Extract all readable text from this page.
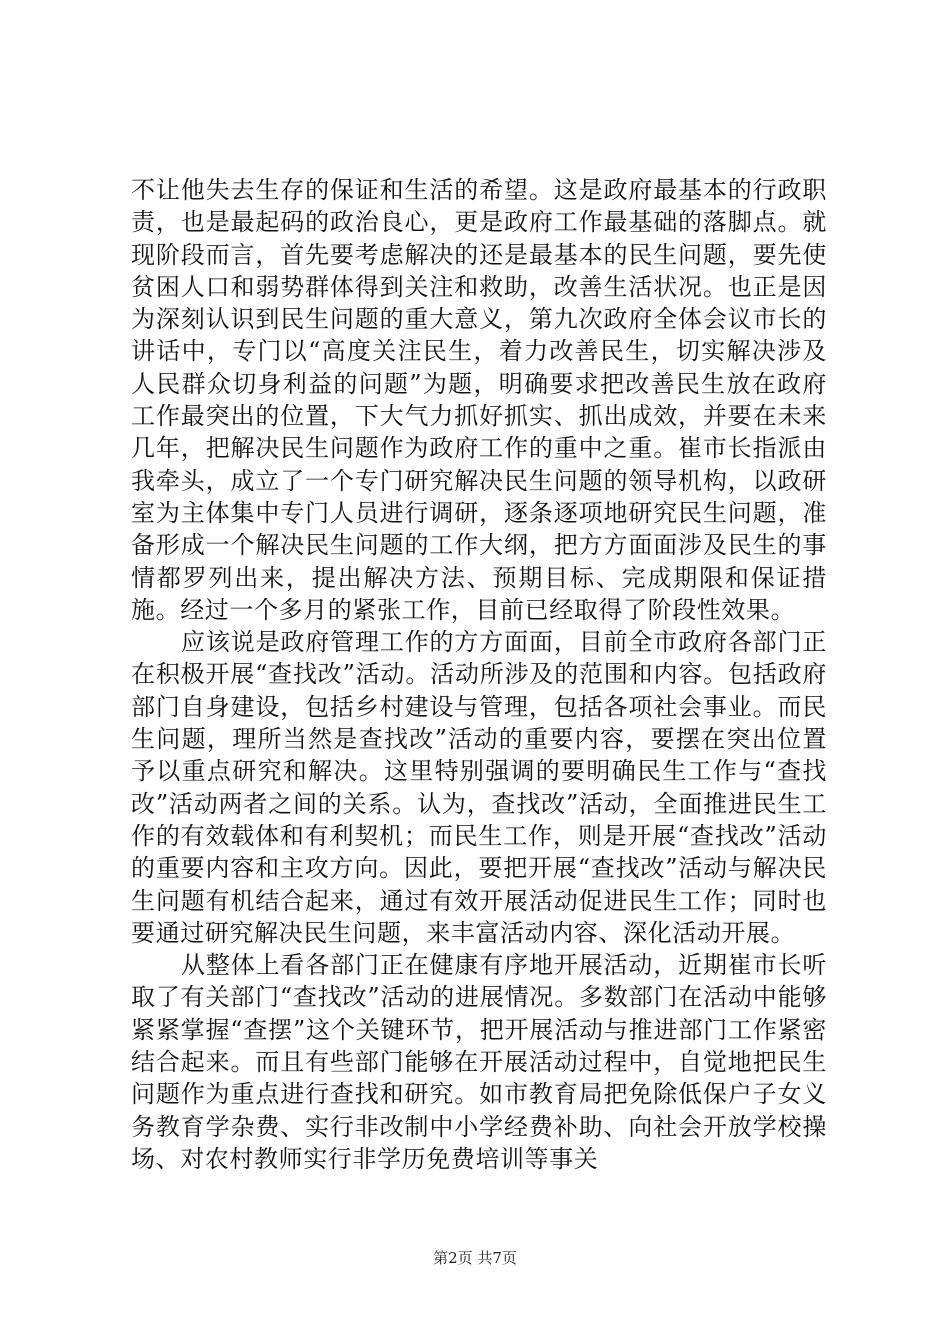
不让他失去生存的保证和生活的希望。这是政府最基本的行政职责，也是最起码的政治良心，更是政府工作最基础的落脚点。就现阶段而言，首先要考虑解决的还是最基本的民生问题，要先使贫困人口和弱势群体得到关注和救助，改善生活状况。也正是因为深刻认识到民生问题的重大意义，第九次政府全体会议市长的讲话中，专门以“高度关注民生，着力改善民生，切实解决涉及人民群众切身利益的问题”为题，明确要求把改善民生放在政府工作最突出的位置，下大气力抓好抓实、抓出成效，并要在未来几年，把解决民生问题作为政府工作的重中之重。崔市长指派由我牵头，成立了一个专门研究解决民生问题的领导机构，以政研室为主体集中专门人员进行调研，逐条逐项地研究民生问题，准备形成一个解决民生问题的工作大纲，把方方面面涉及民生的事情都罗列出来，提出解决方法、预期目标、完成期限和保证措施。经过一个多月的紧张工作，目前已经取得了阶段性效果。

应该说是政府管理工作的方方面面，目前全市政府各部门正在积极开展“查找改”活动。活动所涉及的范围和内容。包括政府部门自身建设，包括乡村建设与管理，包括各项社会事业。而民生问题，理所当然是查找改”活动的重要内容，要摆在突出位置予以重点研究和解决。这里特别强调的要明确民生工作与“查找改”活动两者之间的关系。认为，查找改”活动，全面推进民生工作的有效载体和有利契机；而民生工作，则是开展“查找改”活动的重要内容和主攻方向。因此，要把开展“查找改”活动与解决民生问题有机结合起来，通过有效开展活动促进民生工作；同时也要通过研究解决民生问题，来丰富活动内容、深化活动开展。

从整体上看各部门正在健康有序地开展活动，近期崔市长听取了有关部门“查找改”活动的进展情况。多数部门在活动中能够紧紧掌握“查摆”这个关键环节，把开展活动与推进部门工作紧密结合起来。而且有些部门能够在开展活动过程中，自觉地把民生问题作为重点进行查找和研究。如市教育局把免除低保户子女义务教育学杂费、实行非改制中小学经费补助、向社会开放学校操场、对农村教师实行非学历免费培训等事关

第2页 共7页
